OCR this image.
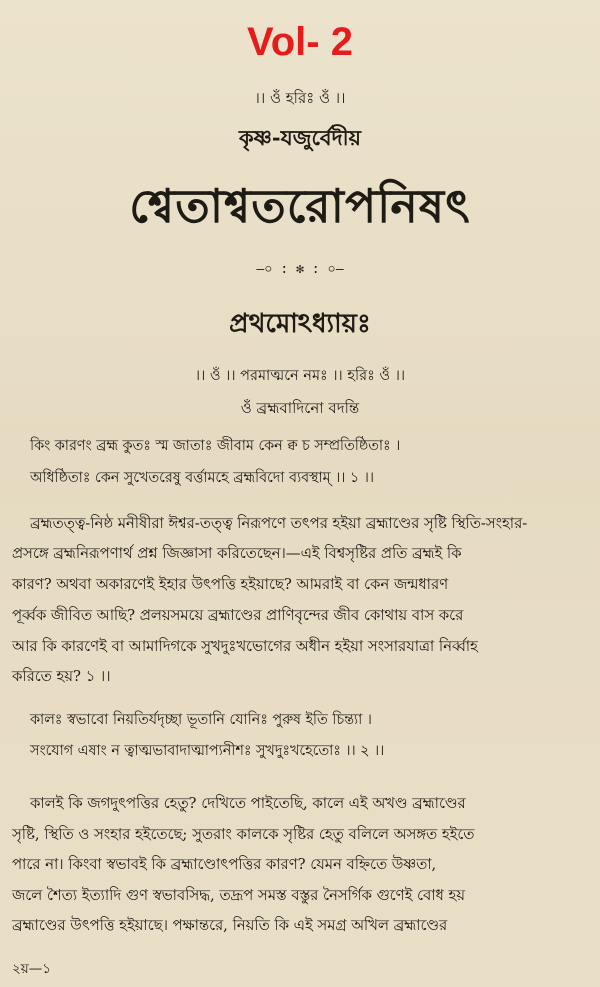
Vol- 2
।। ওঁ হরিঃ ওঁ ।।
কৃষ্ণ-যজুর্বেদীয়
শ্বেতাশ্বতরোপনিষৎ
—০ : ✻ : ০—
প্রথমোঽধ্যায়ঃ
।। ওঁ ।। পরমাত্মনে নমঃ ।। হরিঃ ওঁ ।।
ওঁ ব্রহ্মবাদিনো বদন্তি
কিং কারণং ব্রহ্ম কুতঃ স্ম জাতাঃ জীবাম কেন ক্ব চ সম্প্রতিষ্ঠিতাঃ ।
অধিষ্ঠিতাঃ কেন সুখেতরেষু বর্ত্তামহে ব্রহ্মবিদো ব্যবস্থাম্ ।। ১ ।।
ব্রহ্মতত্ত্ব-নিষ্ঠ মনীষীরা ঈশ্বর-তত্ত্ব নিরূপণে তৎপর হইয়া ব্রহ্মাণ্ডের সৃষ্টি স্থিতি-সংহার-
প্রসঙ্গে ব্রহ্মনিরূপণার্থ প্রশ্ন জিজ্ঞাসা করিতেছেন।—এই বিশ্বসৃষ্টির প্রতি ব্রহ্মই কি
কারণ? অথবা অকারণেই ইহার উৎপত্তি হইয়াছে? আমরাই বা কেন জন্মধারণ
পূর্ব্বক জীবিত আছি? প্রলয়সময়ে ব্রহ্মাণ্ডের প্রাণিবৃন্দের জীব কোথায় বাস করে
আর কি কারণেই বা আমাদিগকে সুখদুঃখভোগের অধীন হইয়া সংসারযাত্রা নির্ব্বাহ
করিতে হয়? ১ ।।
কালঃ স্বভাবো নিয়তির্যদৃচ্ছা ভূতানি যোনিঃ পুরুষ ইতি চিন্ত্যা ।
সংযোগ এষাং ন ত্বাত্মভাবাদাত্মাপ্যনীশঃ সুখদুঃখহেতোঃ ।। ২ ।।
কালই কি জগদুৎপত্তির হেতু? দেখিতে পাইতেছি, কালে এই অখণ্ড ব্রহ্মাণ্ডের
সৃষ্টি, স্থিতি ও সংহার হইতেছে; সুতরাং কালকে সৃষ্টির হেতু বলিলে অসঙ্গত হইতে
পারে না। কিংবা স্বভাবই কি ব্রহ্মাণ্ডোৎপত্তির কারণ? যেমন বহ্নিতে উষ্ণতা,
জলে শৈত্য ইত্যাদি গুণ স্বভাবসিদ্ধ, তদ্রূপ সমস্ত বস্তুর নৈসর্গিক গুণেই বোধ হয়
ব্রহ্মাণ্ডের উৎপত্তি হইয়াছে। পক্ষান্তরে, নিয়তি কি এই সমগ্র অখিল ব্রহ্মাণ্ডের
২য়—১
